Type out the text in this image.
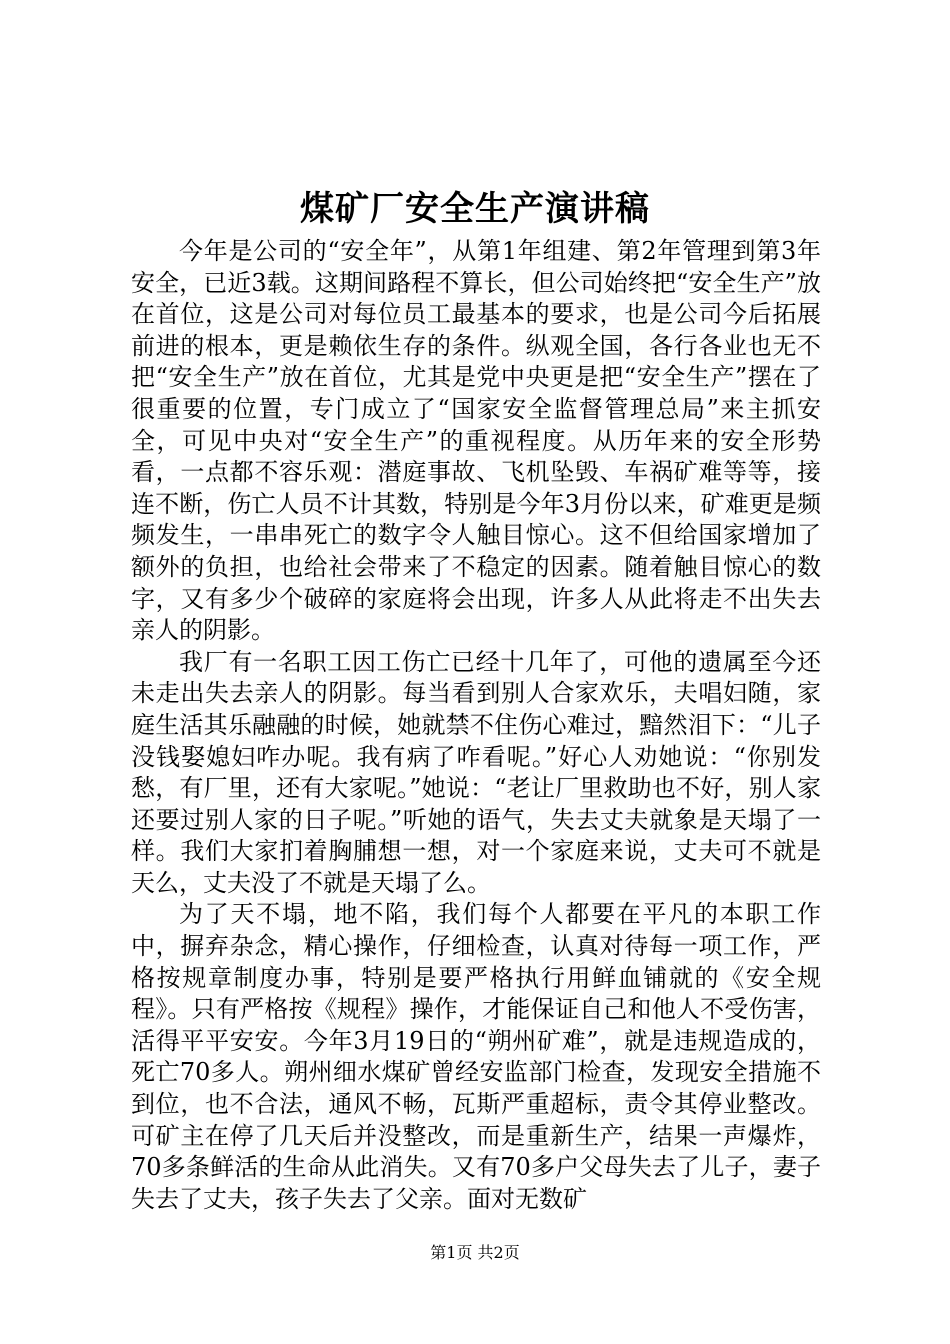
煤矿厂安全生产演讲稿

今年是公司的“安全年”，从第1年组建、第2年管理到第3年安全，已近3载。这期间路程不算长，但公司始终把“安全生产”放在首位，这是公司对每位员工最基本的要求，也是公司今后拓展前进的根本，更是赖依生存的条件。纵观全国，各行各业也无不把“安全生产”放在首位，尤其是党中央更是把“安全生产”摆在了很重要的位置，专门成立了“国家安全监督管理总局”来主抓安全，可见中央对“安全生产”的重视程度。从历年来的安全形势看，一点都不容乐观：潜庭事故、飞机坠毁、车祸矿难等等，接连不断，伤亡人员不计其数，特别是今年3月份以来，矿难更是频频发生，一串串死亡的数字令人触目惊心。这不但给国家增加了额外的负担，也给社会带来了不稳定的因素。随着触目惊心的数字，又有多少个破碎的家庭将会出现，许多人从此将走不出失去亲人的阴影。

我厂有一名职工因工伤亡已经十几年了，可他的遗属至今还未走出失去亲人的阴影。每当看到别人合家欢乐，夫唱妇随，家庭生活其乐融融的时候，她就禁不住伤心难过，黯然泪下：“儿子没钱娶媳妇咋办呢。我有病了咋看呢。”好心人劝她说：“你别发愁，有厂里，还有大家呢。”她说：“老让厂里救助也不好，别人家还要过别人家的日子呢。”听她的语气，失去丈夫就象是天塌了一样。我们大家扪着胸脯想一想，对一个家庭来说，丈夫可不就是天么，丈夫没了不就是天塌了么。

为了天不塌，地不陷，我们每个人都要在平凡的本职工作中，摒弃杂念，精心操作，仔细检查，认真对待每一项工作，严格按规章制度办事，特别是要严格执行用鲜血铺就的《安全规程》。只有严格按《规程》操作，才能保证自己和他人不受伤害，活得平平安安。今年3月19日的“朔州矿难”，就是违规造成的，死亡70多人。朔州细水煤矿曾经安监部门检查，发现安全措施不到位，也不合法，通风不畅，瓦斯严重超标，责令其停业整改。可矿主在停了几天后并没整改，而是重新生产，结果一声爆炸，70多条鲜活的生命从此消失。又有70多户父母失去了儿子，妻子失去了丈夫，孩子失去了父亲。面对无数矿

第1页 共2页
